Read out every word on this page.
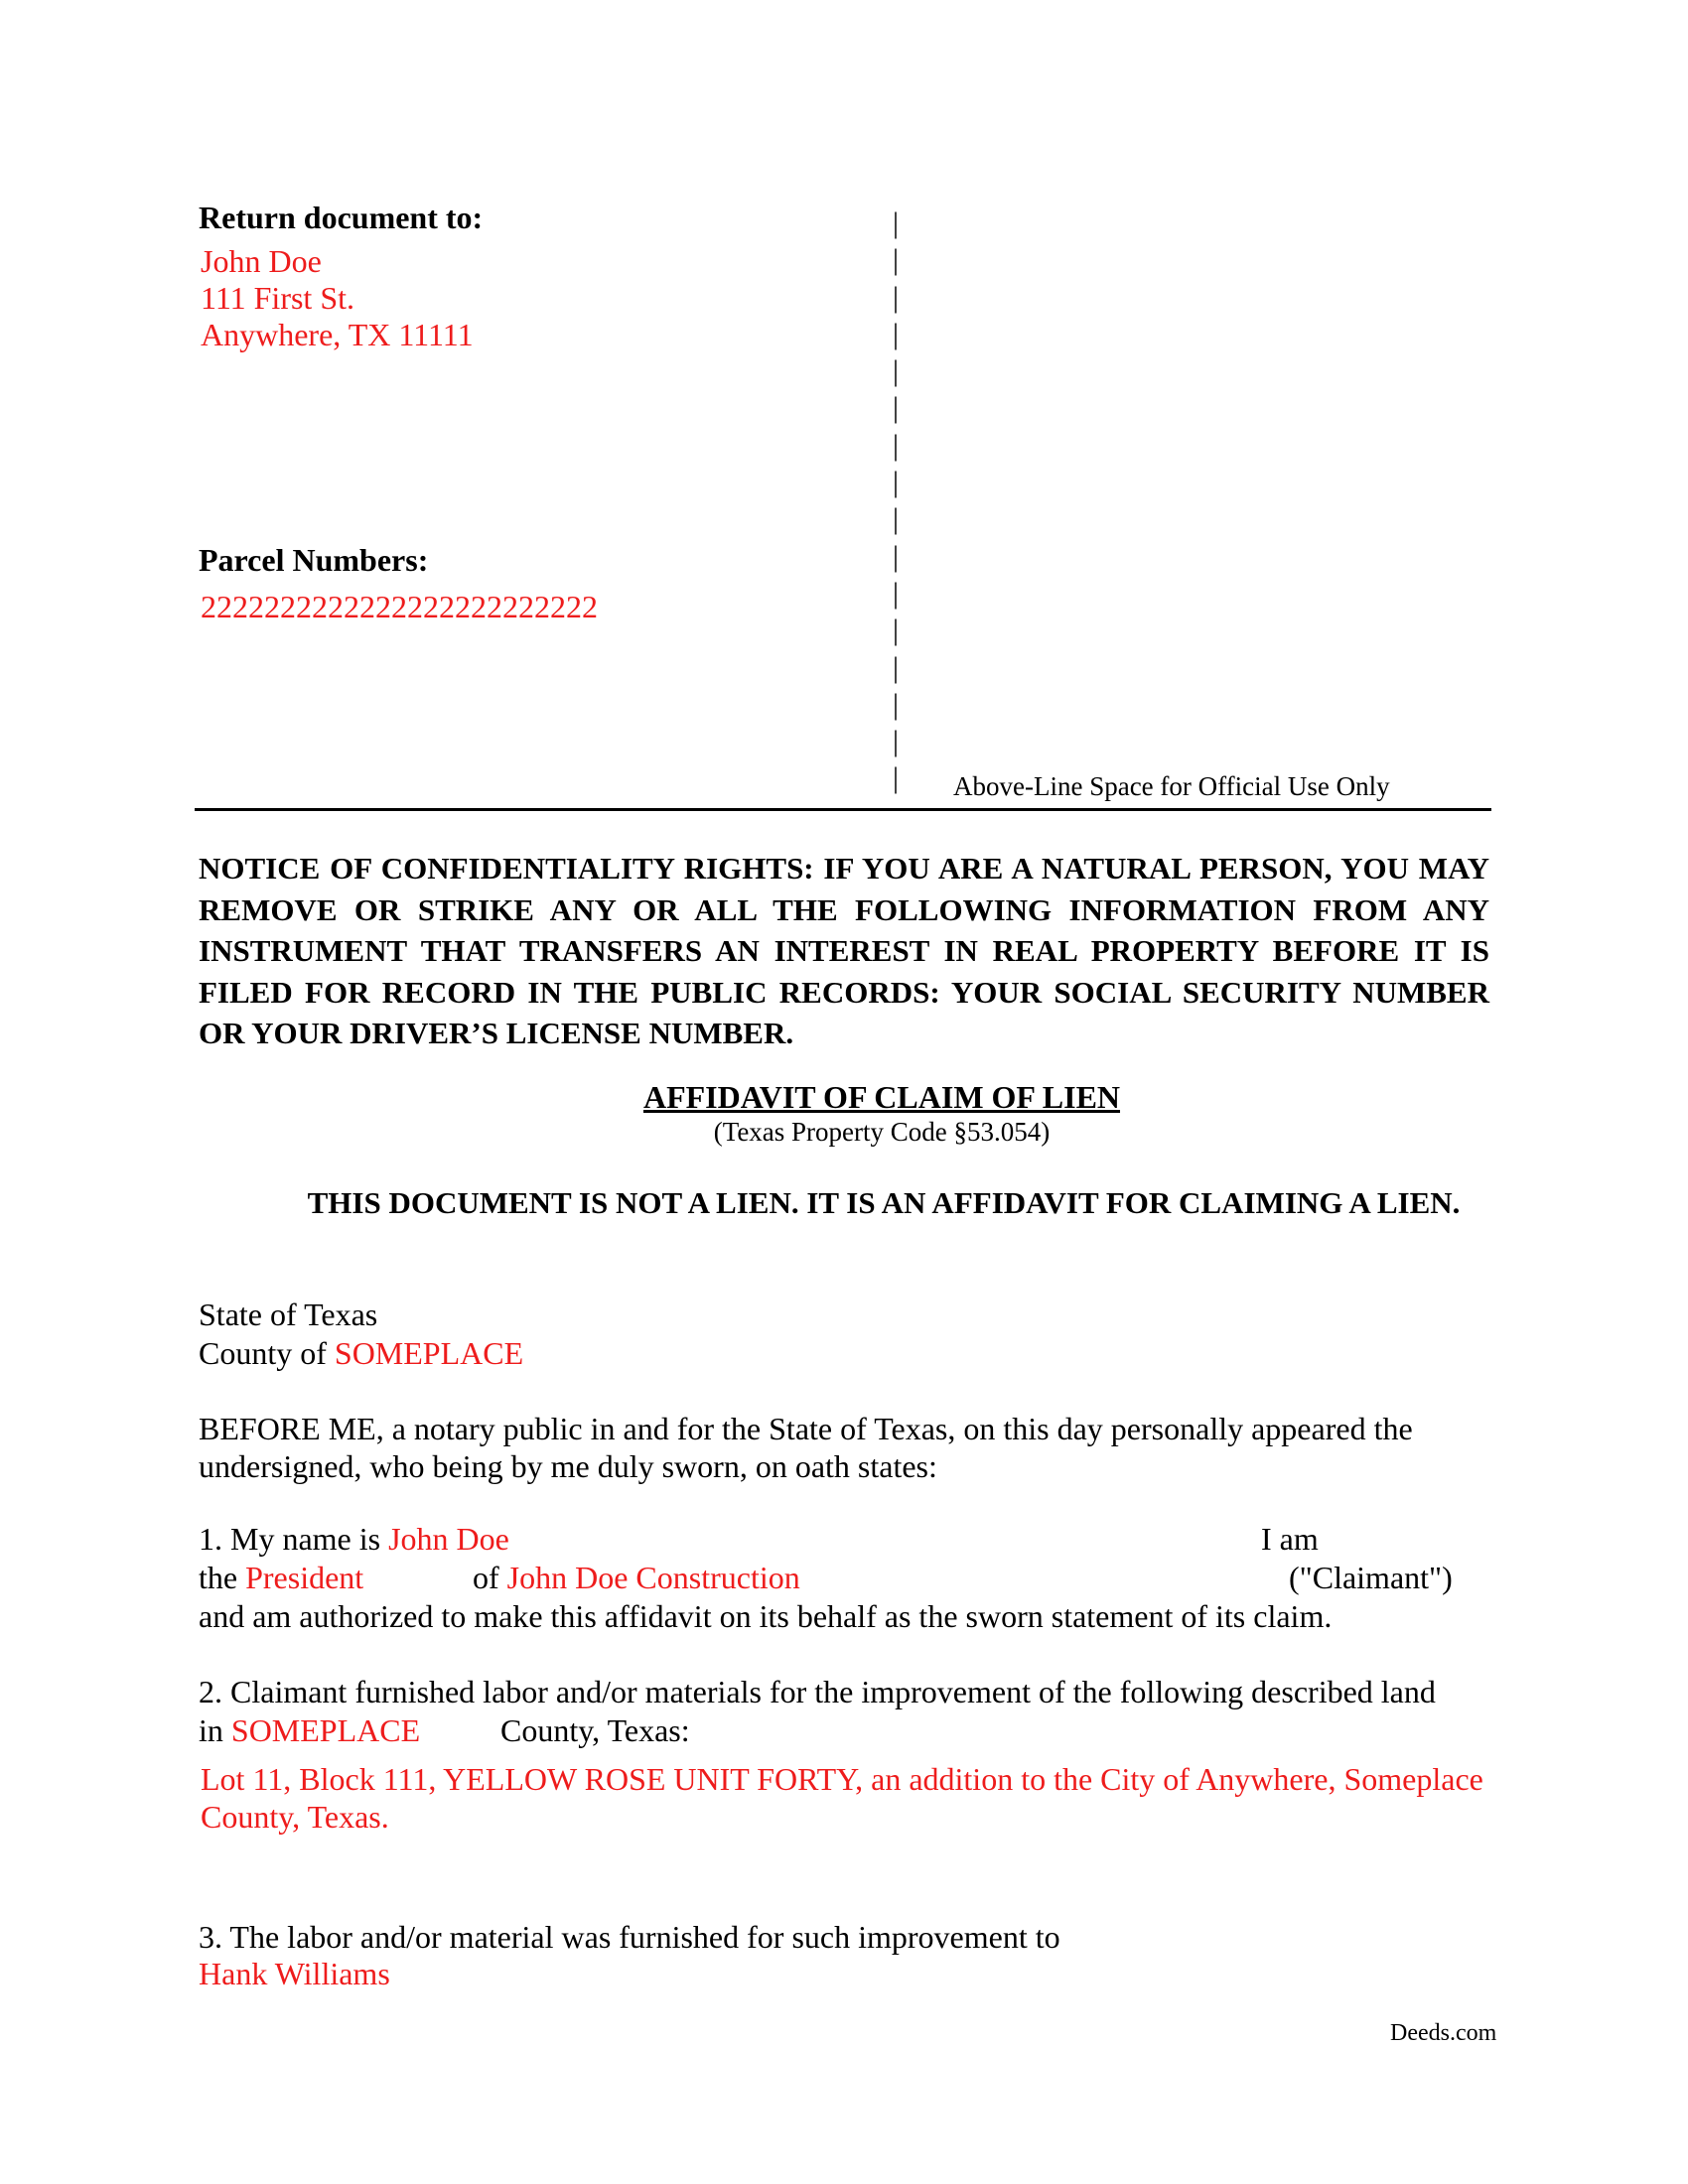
Return document to:
John Doe
111 First St.
Anywhere, TX 11111
Parcel Numbers:
2222222222222222222222222
|
|
|
|
|
|
|
|
|
|
|
|
|
|
|
| Above-Line Space for Official Use Only
NOTICE OF CONFIDENTIALITY RIGHTS: IF YOU ARE A NATURAL PERSON, YOU MAY REMOVE OR STRIKE ANY OR ALL THE FOLLOWING INFORMATION FROM ANY INSTRUMENT THAT TRANSFERS AN INTEREST IN REAL PROPERTY BEFORE IT IS FILED FOR RECORD IN THE PUBLIC RECORDS: YOUR SOCIAL SECURITY NUMBER OR YOUR DRIVER’S LICENSE NUMBER.
AFFIDAVIT OF CLAIM OF LIEN
(Texas Property Code §53.054)
THIS DOCUMENT IS NOT A LIEN. IT IS AN AFFIDAVIT FOR CLAIMING A LIEN.
State of Texas
County of SOMEPLACE
BEFORE ME, a notary public in and for the State of Texas, on this day personally appeared the undersigned, who being by me duly sworn, on oath states:
1. My name is John Doe	I am
the President	of John Doe Construction	("Claimant")
and am authorized to make this affidavit on its behalf as the sworn statement of its claim.
2. Claimant furnished labor and/or materials for the improvement of the following described land
in SOMEPLACE	County, Texas:
Lot 11, Block 111, YELLOW ROSE UNIT FORTY, an addition to the City of Anywhere, Someplace County, Texas.
3. The labor and/or material was furnished for such improvement to
Hank Williams
Deeds.com
